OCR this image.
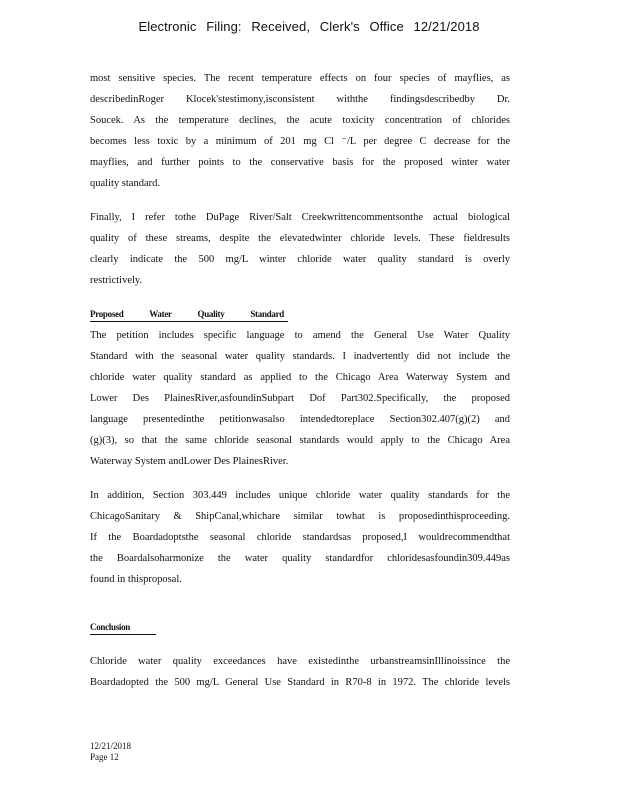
Electronic Filing: Received, Clerk's Office 12/21/2018
most sensitive species. The recent temperature effects on four species of mayflies, as
describedinRoger Klocek'stestimony,isconsistent withthe findingsdescribedby Dr.
Soucek. As the temperature declines, the acute toxicity concentration of chlorides
becomes less toxic by a minimum of 201 mg Cl ⁻/L per degree C decrease for the
mayflies, and further points to the conservative basis for the proposed winter water
quality standard.
Finally, I refer tothe DuPage River/Salt Creekwrittencommentsonthe actual biological
quality of these streams, despite the elevatedwinter chloride levels. These fieldresults
clearly indicate the 500 mg/L winter chloride water quality standard is overly
restrictively.
Proposed Water Quality Standard
The petition includes specific language to amend the General Use Water Quality
Standard with the seasonal water quality standards. I inadvertently did not include the
chloride water quality standard as applied to the Chicago Area Waterway System and
Lower Des PlainesRiver,asfoundinSubpart Dof Part302.Specifically, the proposed
language presentedinthe petitionwasalso intendedtoreplace Section302.407(g)(2) and
(g)(3), so that the same chloride seasonal standards would apply to the Chicago Area
Waterway System andLower Des PlainesRiver.
In addition, Section 303.449 includes unique chloride water quality standards for the
ChicagoSanitary & ShipCanal,whichare similar towhat is proposedinthisproceeding.
If the Boardadoptsthe seasonal chloride standardsas proposed,I wouldrecommendthat
the Boardalsoharmonize the water quality standardfor chloridesasfoundin309.449as
found in thisproposal.
Conclusion
Chloride water quality exceedances have existedinthe urbanstreamsinIllinoissince the
Boardadopted the 500 mg/L General Use Standard in R70-8 in 1972. The chloride levels
12/21/2018
Page 12
